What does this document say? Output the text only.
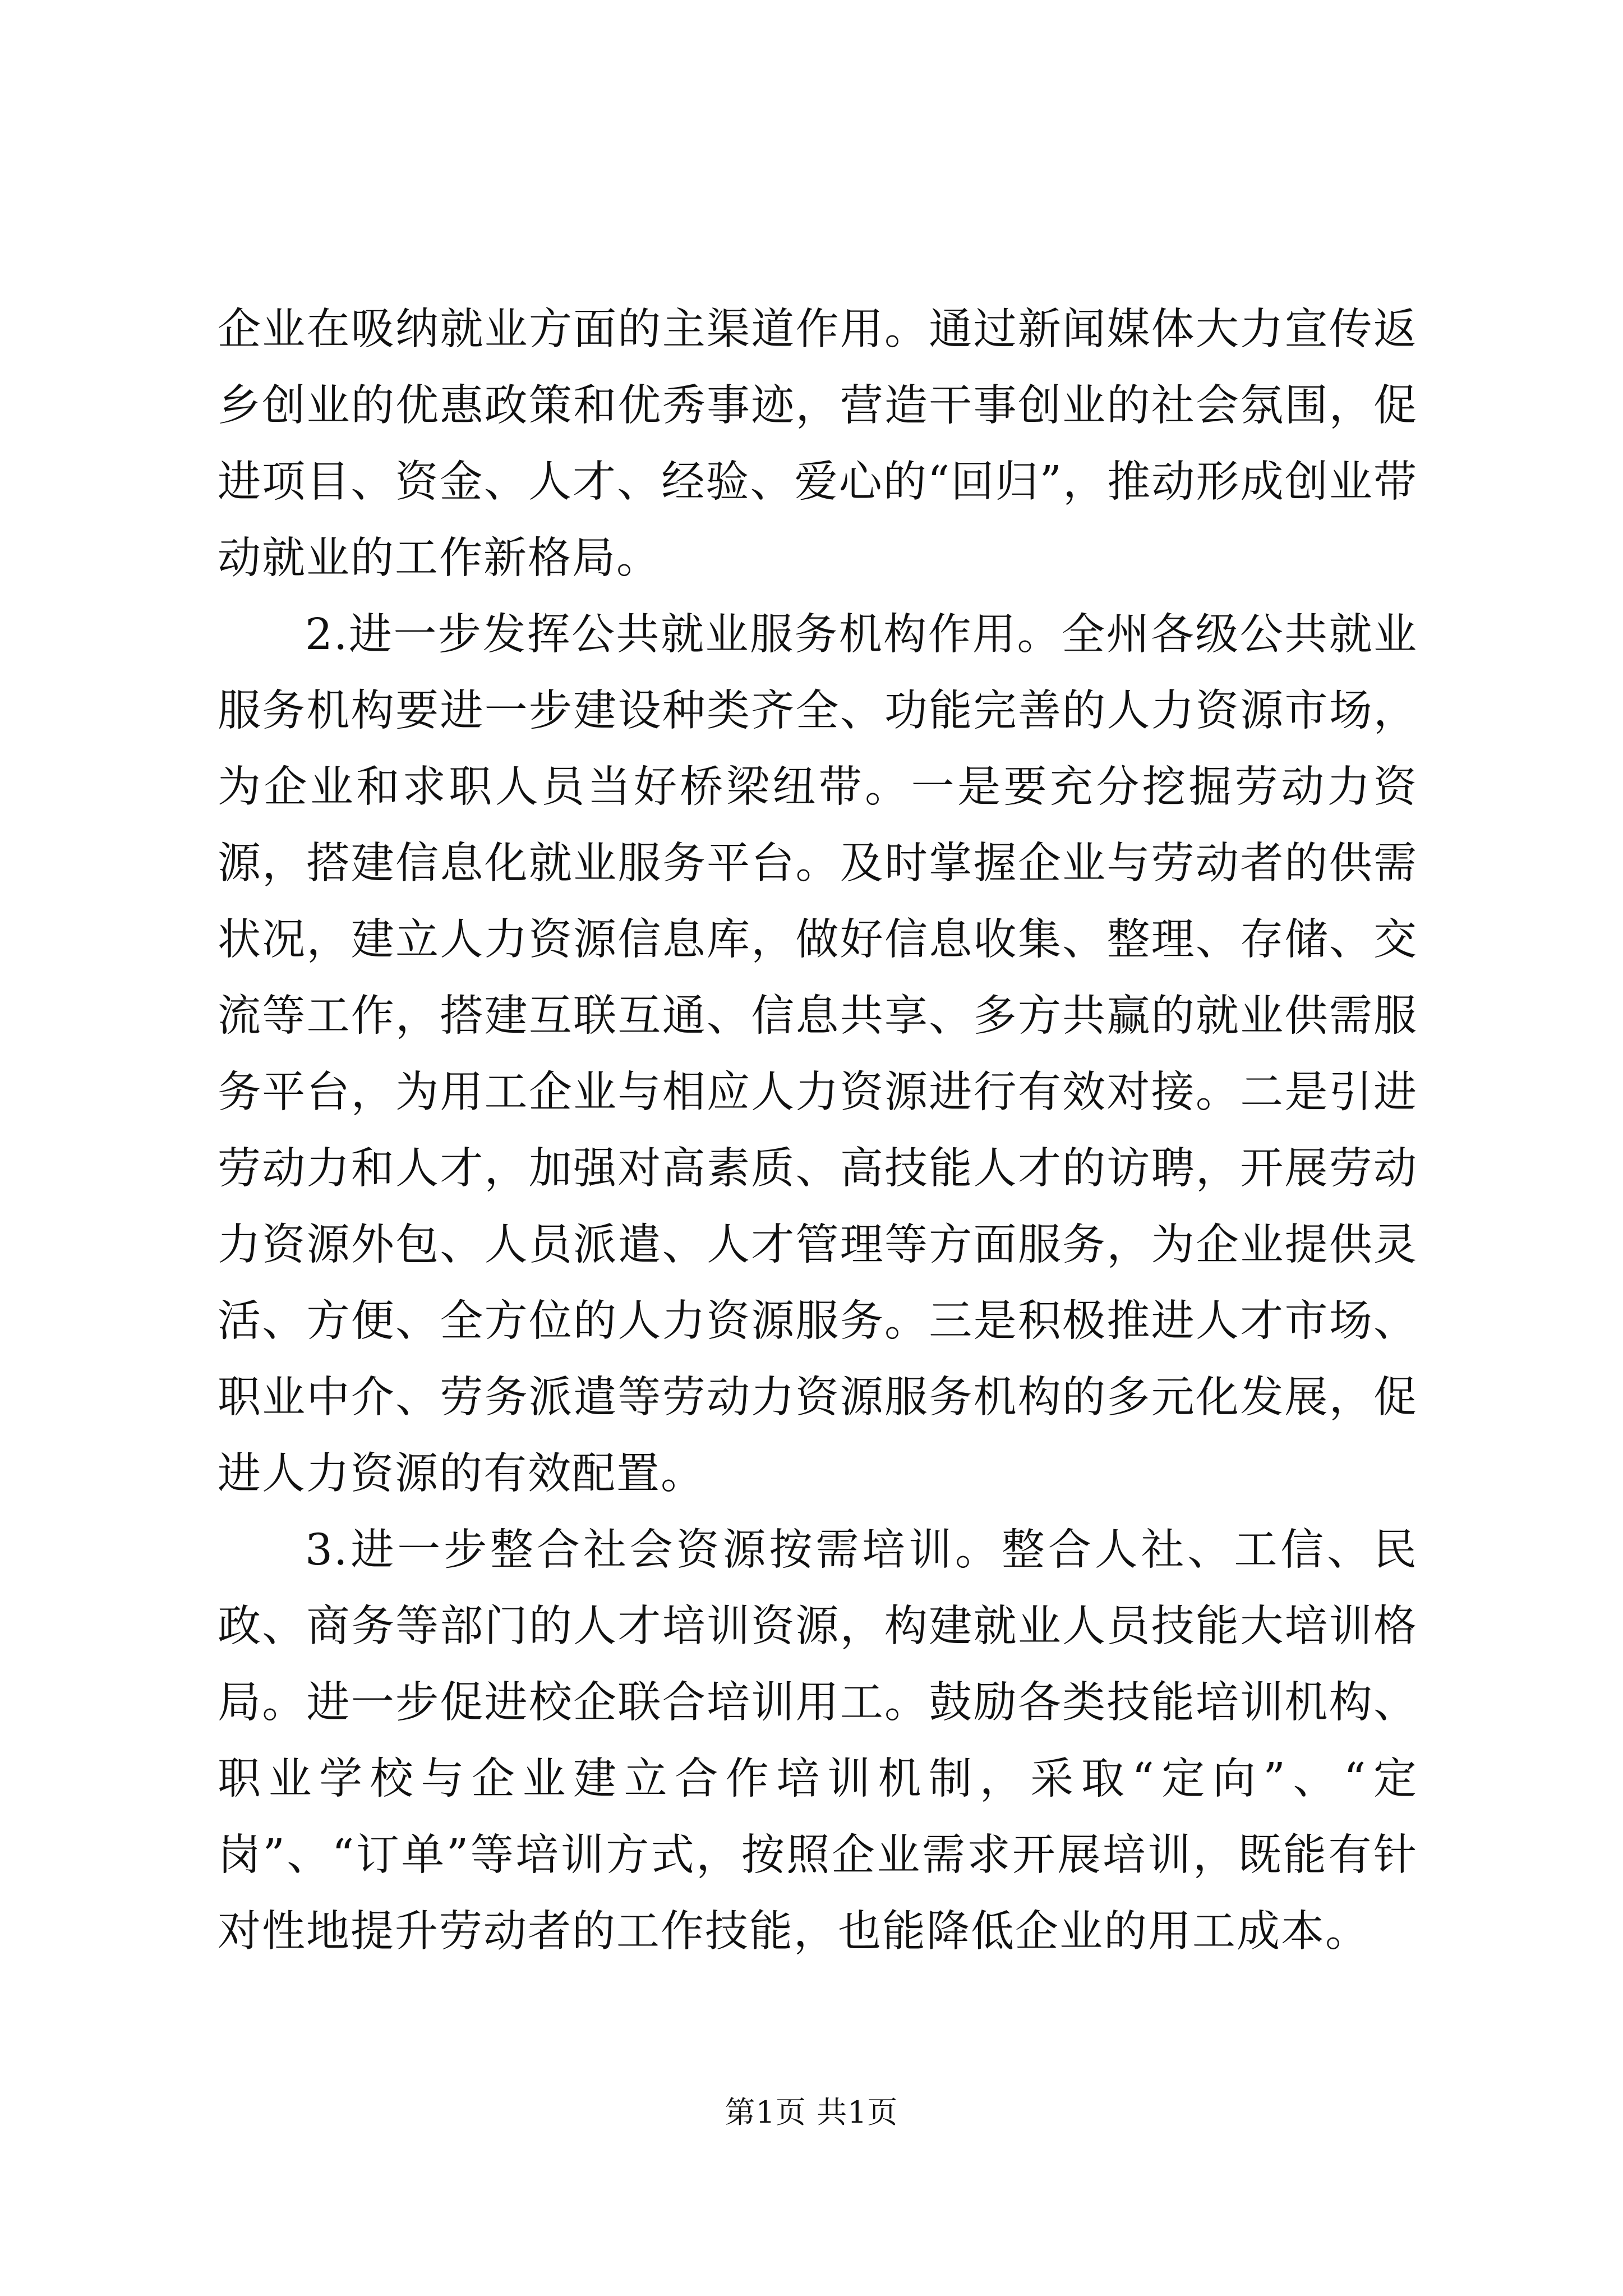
企业在吸纳就业方面的主渠道作用。通过新闻媒体大力宣传返乡创业的优惠政策和优秀事迹，营造干事创业的社会氛围，促进项目、资金、人才、经验、爱心的“回归”，推动形成创业带动就业的工作新格局。

2.进一步发挥公共就业服务机构作用。全州各级公共就业服务机构要进一步建设种类齐全、功能完善的人力资源市场，为企业和求职人员当好桥梁纽带。一是要充分挖掘劳动力资源，搭建信息化就业服务平台。及时掌握企业与劳动者的供需状况，建立人力资源信息库，做好信息收集、整理、存储、交流等工作，搭建互联互通、信息共享、多方共赢的就业供需服务平台，为用工企业与相应人力资源进行有效对接。二是引进劳动力和人才，加强对高素质、高技能人才的访聘，开展劳动力资源外包、人员派遣、人才管理等方面服务，为企业提供灵活、方便、全方位的人力资源服务。三是积极推进人才市场、职业中介、劳务派遣等劳动力资源服务机构的多元化发展，促进人力资源的有效配置。

3.进一步整合社会资源按需培训。整合人社、工信、民政、商务等部门的人才培训资源，构建就业人员技能大培训格局。进一步促进校企联合培训用工。鼓励各类技能培训机构、职业学校与企业建立合作培训机制，采取“定向”、“定岗”、“订单”等培训方式，按照企业需求开展培训，既能有针对性地提升劳动者的工作技能，也能降低企业的用工成本。

第1页 共1页
